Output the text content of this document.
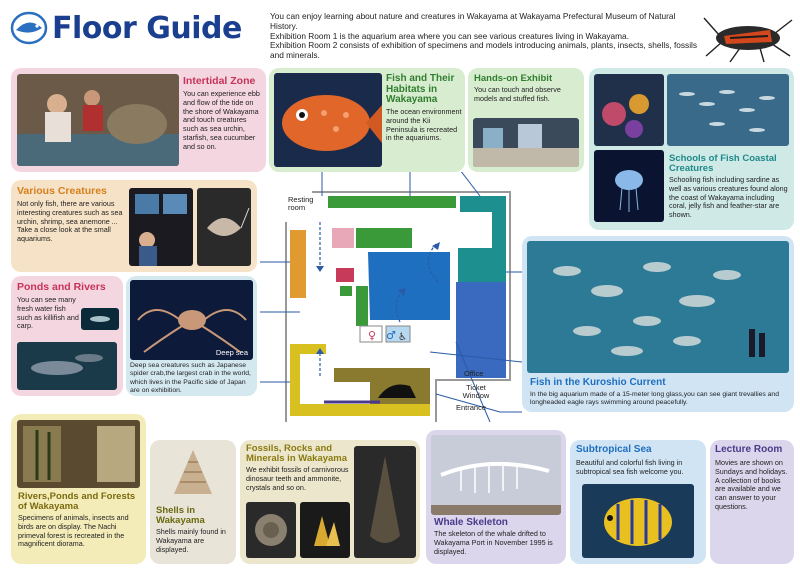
Floor Guide	You can enjoy learning about nature and creatures in Wakayama at Wakayama Prefectural Museum of Natural History.

Exhibition Room 1 is the aquarium area where you can see various creatures living in Wakayama.

Exhibition Room 2 consists of exhibition of specimens and models introducing animals, plants, insects, shells, fossils and minerals.

Intertidal Zone
You can experience ebb and flow of the tide on the shore of Wakayama and touch creatures such as sea urchin, starfish, sea cucumber and so on.
Fish and Their Habitats in Wakayama
The ocean environment around the Kii Peninsula is recreated in the aquariums.
Hands-on Exhibit
You can touch and observe models and stuffed fish.
Schools of Fish Coastal Creatures
Schooling fish including sardine as well as various creatures found along the coast of Wakayama including coral, jelly fish and feather-star are shown.
Various Creatures
Not only fish, there are various interesting creatures such as sea urchin, shrimp, sea anemone ... Take a close look at the small aquariums.
Ponds and Rivers
You can see many fresh water fish such as killifish and carp.
Deep sea
Deep sea creatures such as Japanese spider crab,the largest crab in the world, which lives in the Pacific side of Japan are on exhibition.
Fish in the Kuroshio Current
In the big aquarium made of a 15-meter long glass,you can see giant trevallies and longheaded eagle rays swimming around peacefully.
♀ ♂ ♿
Resting room
Office
Ticket Window
Entrance
Rivers,Ponds and Forests of Wakayama
Specimens of animals, insects and birds are on display. The Nachi primeval forest is recreated in the magnificent diorama.
Shells in Wakayama
Shells mainly found in Wakayama are displayed.
Fossils, Rocks and Minerals in Wakayama
We exhibit fossils of carnivorous dinosaur teeth and ammonite, crystals and so on.
Whale Skeleton
The skeleton of the whale drifted to Wakayama Port in November 1995 is displayed.
Subtropical Sea
Beautiful and colorful fish living in subtropical sea fish welcome you.
Lecture Room
Movies are shown on Sundays and holidays. A collection of books are available and we can answer to your questions.
